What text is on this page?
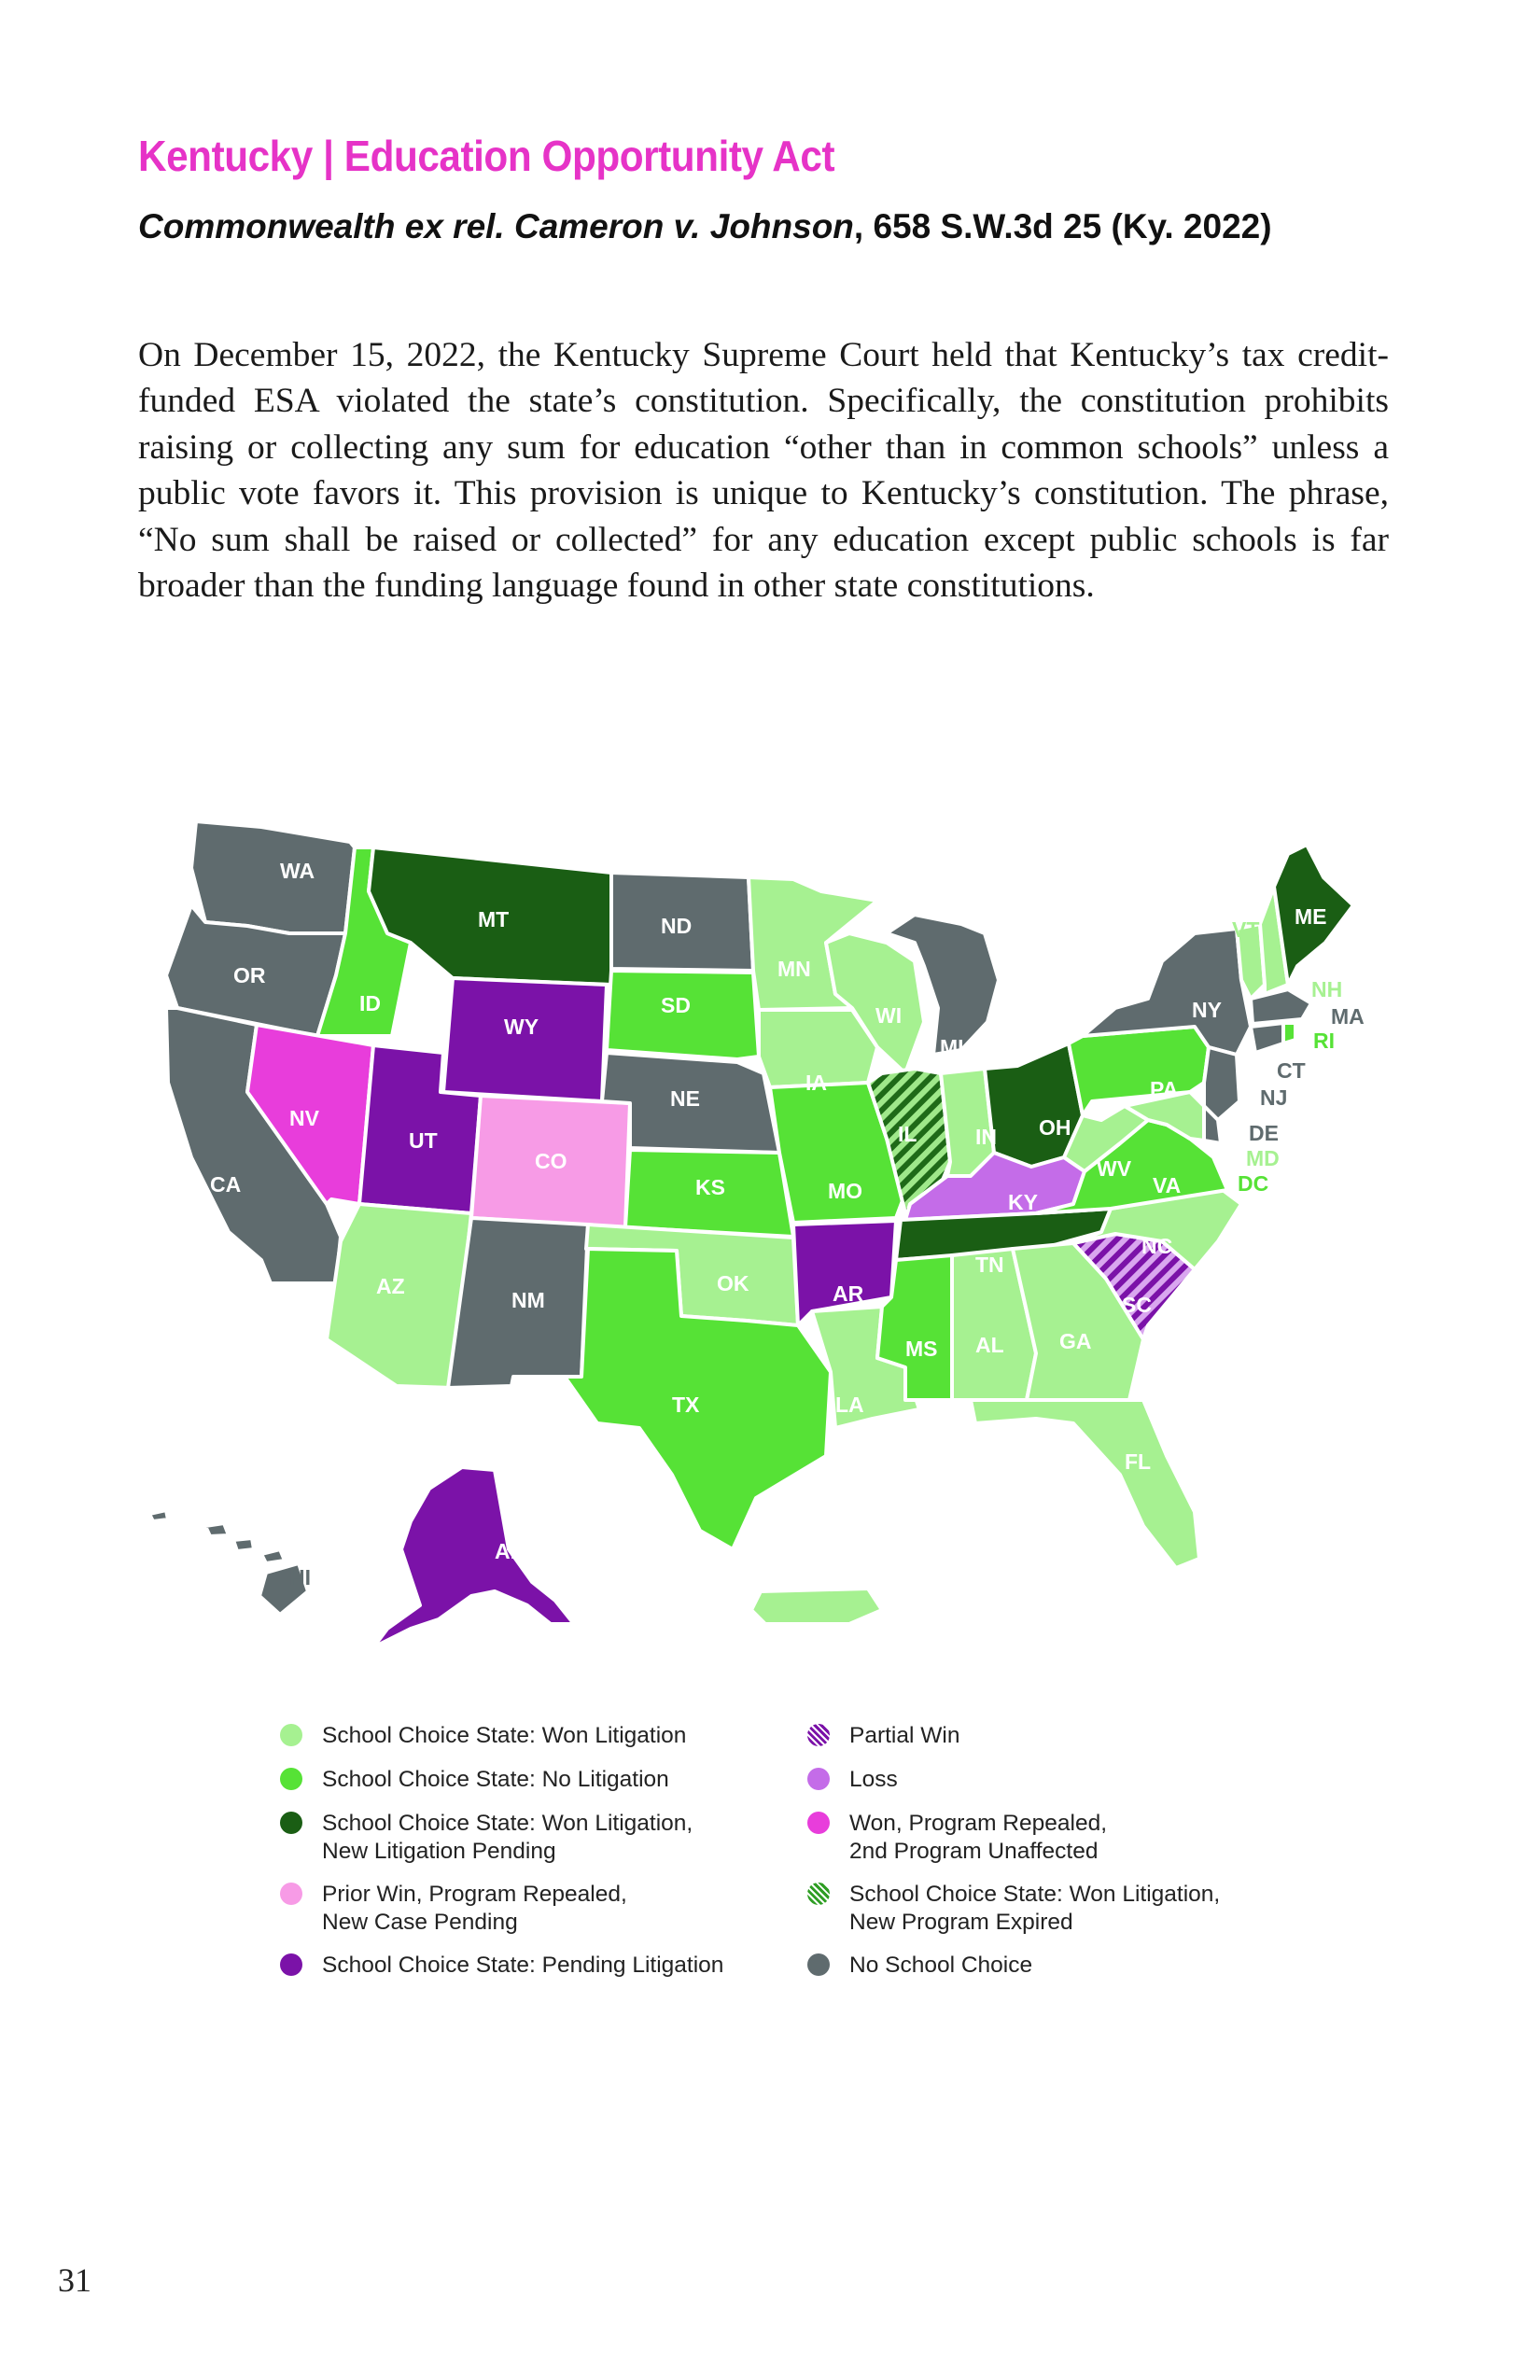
Kentucky | Education Opportunity Act
Commonwealth ex rel. Cameron v. Johnson, 658 S.W.3d 25 (Ky. 2022)

On December 15, 2022, the Kentucky Supreme Court held that Kentucky’s tax credit-funded ESA violated the state’s constitution. Specifically, the constitution prohibits raising or collecting any sum for education “other than in common schools” unless a public vote favors it. This provision is unique to Kentucky’s constitution. The phrase, “No sum shall be raised or collected” for any education except public schools is far broader than the funding language found in other state constitutions.

WA
OR
CA
ID
NV
MT
WY
UT
AZ
CO
NM
ND
SD
NE
KS
OK
TX
MN
IA
MO
AR
LA
WI
IL
MI
IN OH
KY
TN
MS AL	GA
FL
SC
NC
VA
WV
PA
NY
ME
PR
AK
HI
VT
NH
MA
RI
CT
NJ
DE
MD
DC
School Choice State: Won Litigation
School Choice State: No Litigation
School Choice State: Won Litigation,
New Litigation Pending
Prior Win, Program Repealed,
New Case Pending
School Choice State: Pending Litigation
Partial Win
Loss
Won, Program Repealed,
2nd Program Unaffected
School Choice State: Won Litigation,
New Program Expired
No School Choice
31
